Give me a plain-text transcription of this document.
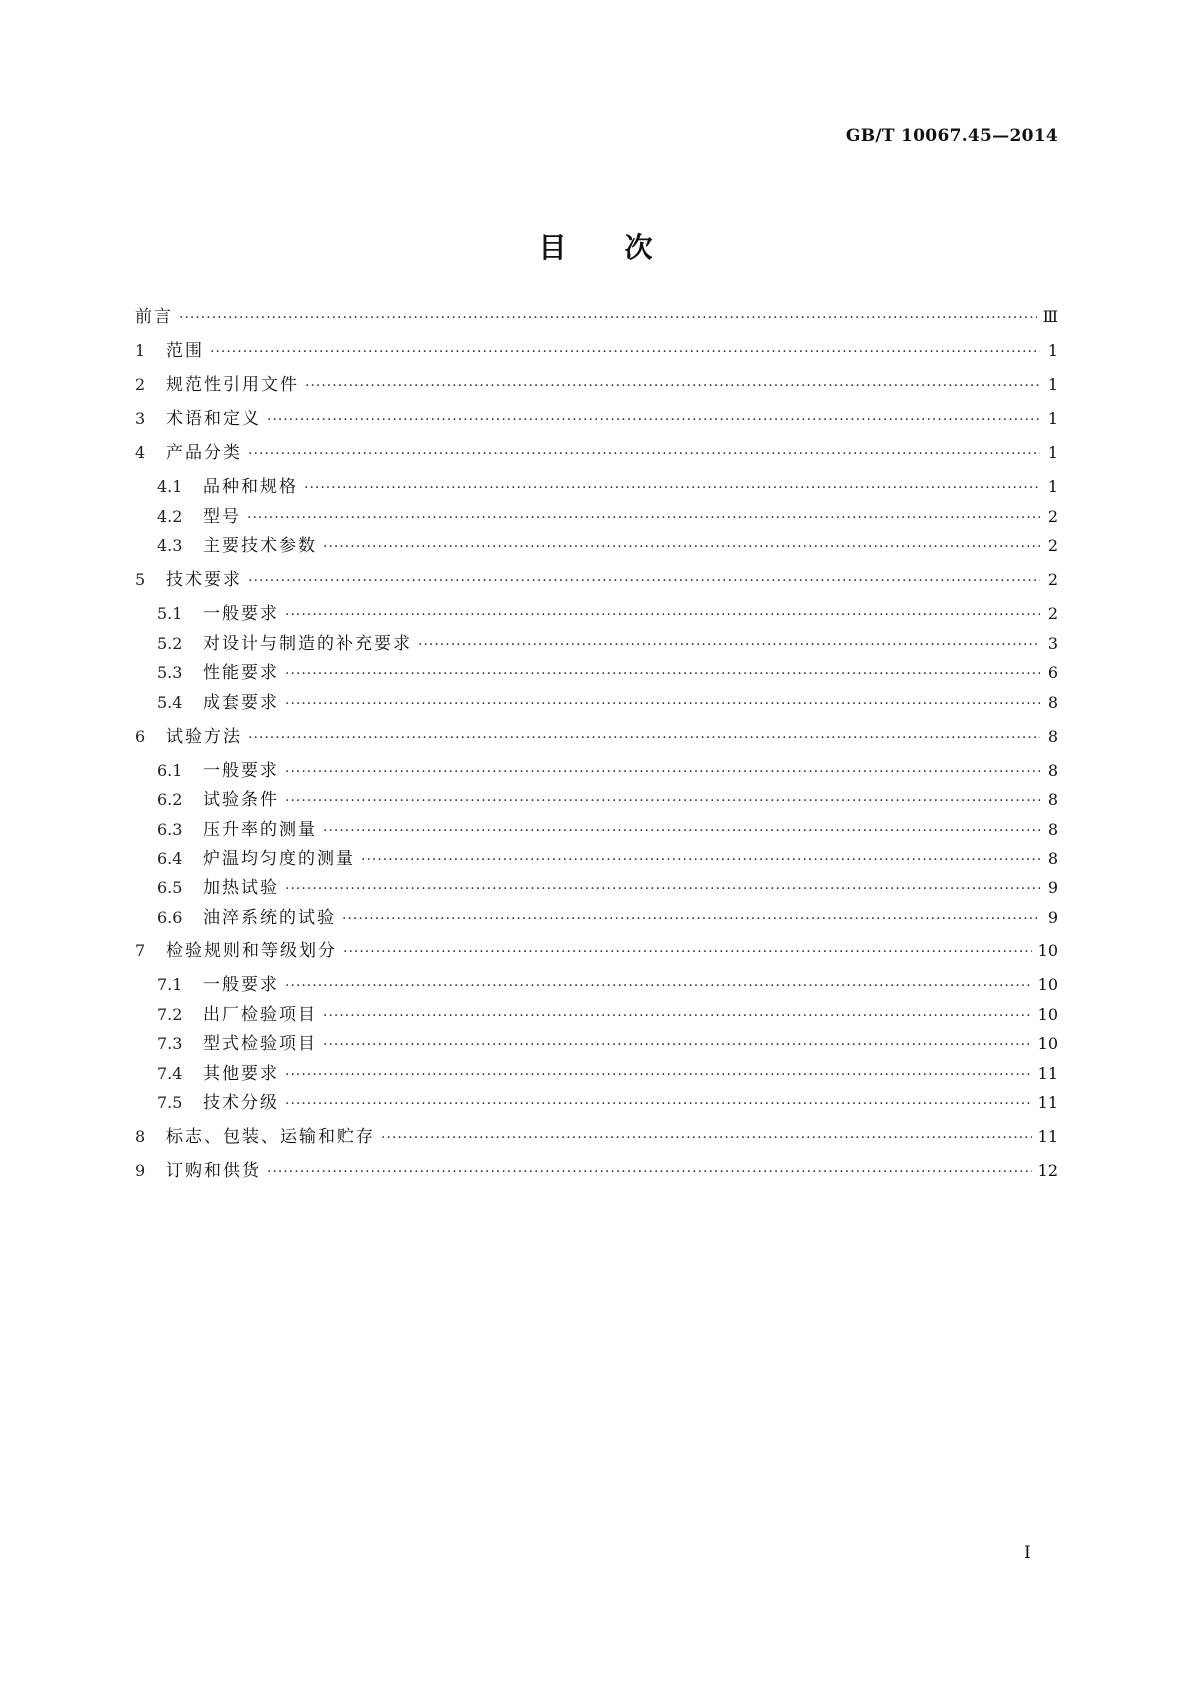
GB/T 10067.45—2014
目 次
前言 ·····	Ⅲ
1	范围 ·····	1
2	规范性引用文件 ·····	1
3	术语和定义 ·····	1
4	产品分类 ·····	1
4.1	品种和规格 ·····	1
4.2	型号 ·····	2
4.3	主要技术参数 ·····	2
5	技术要求 ·····	2
5.1	一般要求 ·····	2
5.2	对设计与制造的补充要求 ·····	3
5.3	性能要求 ·····	6
5.4	成套要求 ·····	8
6	试验方法 ·····	8
6.1	一般要求 ·····	8
6.2	试验条件 ·····	8
6.3	压升率的测量 ·····	8
6.4	炉温均匀度的测量 ·····	8
6.5	加热试验 ·····	9
6.6	油淬系统的试验 ·····	9
7	检验规则和等级划分 ·····	10
7.1	一般要求 ·····	10
7.2	出厂检验项目 ·····	10
7.3	型式检验项目 ·····	10
7.4	其他要求 ·····	11
7.5	技术分级 ·····	11
8	标志、包装、运输和贮存 ·····	11
9	订购和供货 ·····	12
I
